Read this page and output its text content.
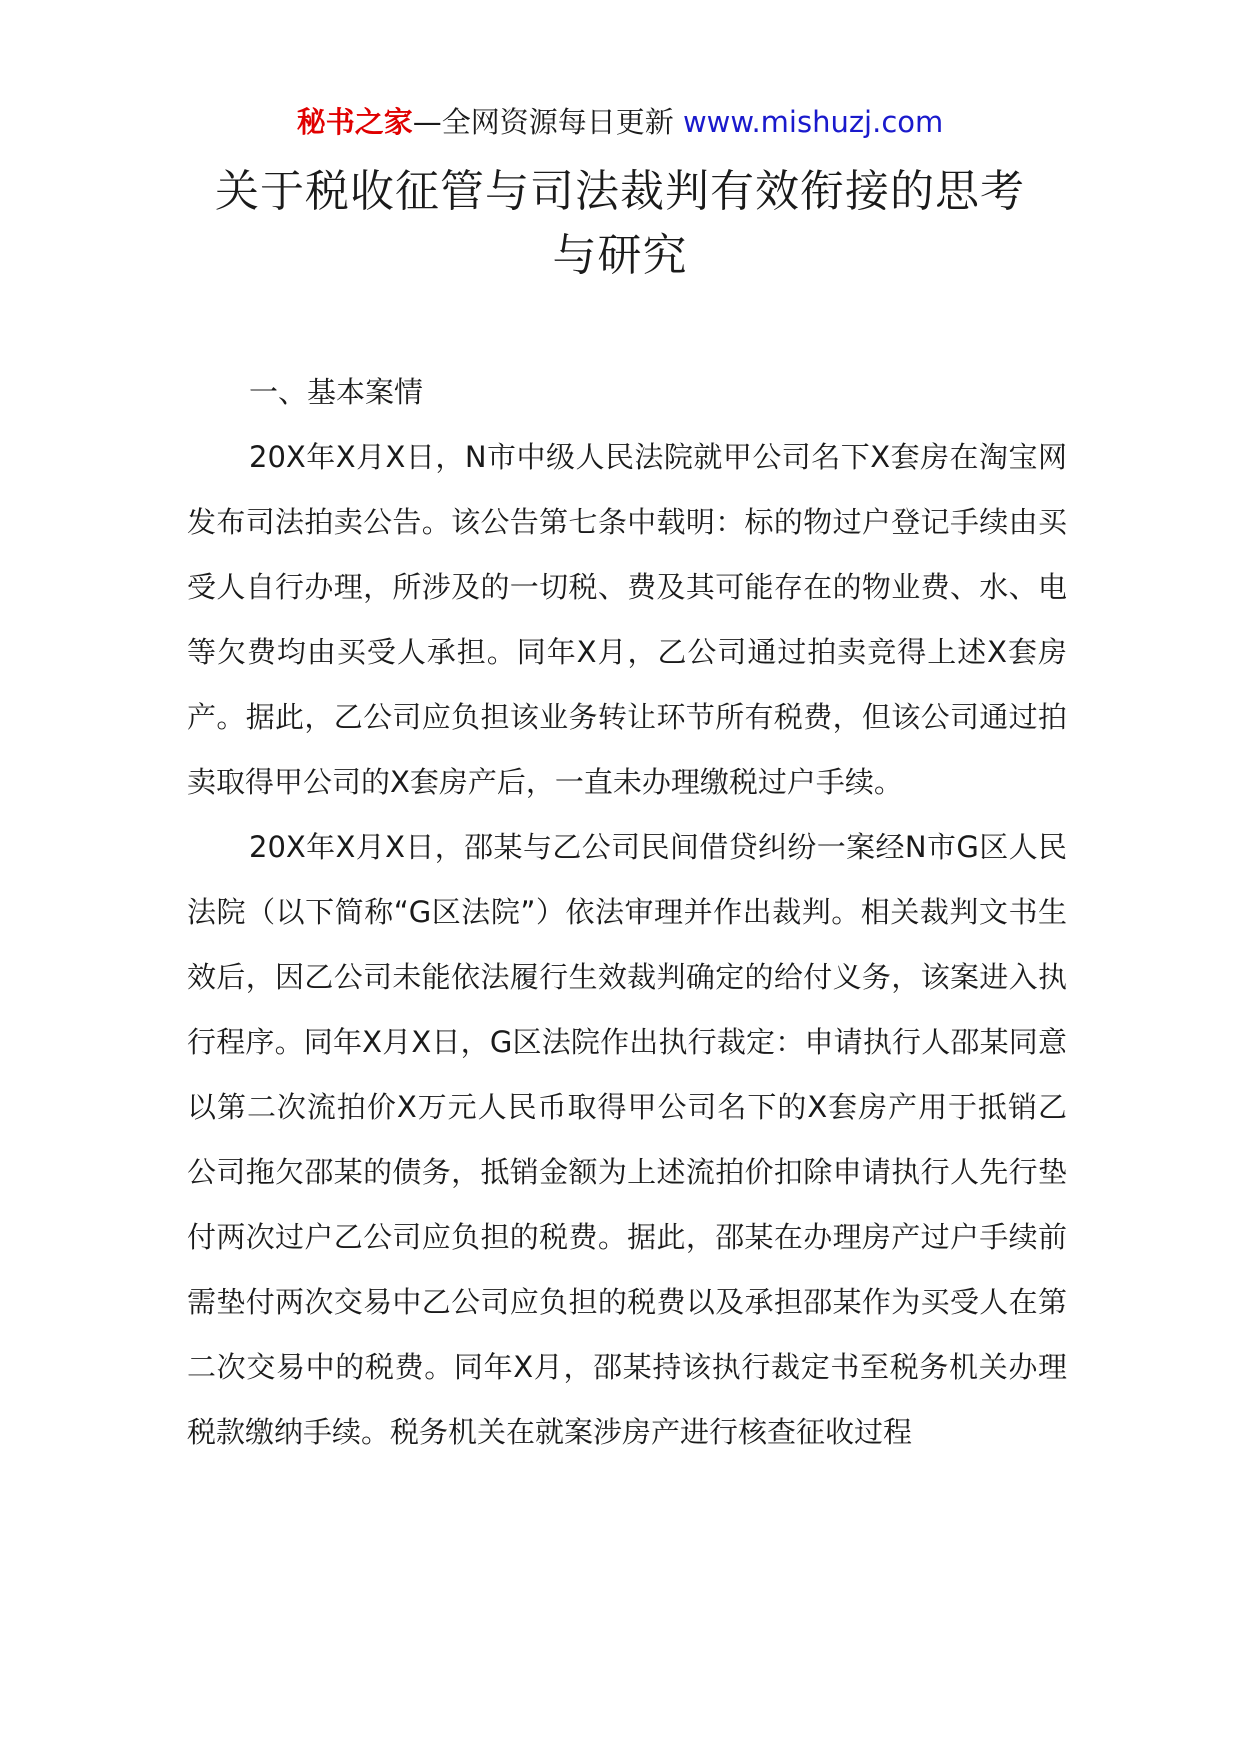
秘书之家—全网资源每日更新 www.mishuzj.com
关于税收征管与司法裁判有效衔接的思考
与研究

一、基本案情

20X年X月X日，N市中级人民法院就甲公司名下X套房在淘宝网发布司法拍卖公告。该公告第七条中载明：标的物过户登记手续由买受人自行办理，所涉及的一切税、费及其可能存在的物业费、水、电等欠费均由买受人承担。同年X月，乙公司通过拍卖竞得上述X套房产。据此，乙公司应负担该业务转让环节所有税费，但该公司通过拍卖取得甲公司的X套房产后，一直未办理缴税过户手续。

20X年X月X日，邵某与乙公司民间借贷纠纷一案经N市G区人民法院（以下简称“G区法院”）依法审理并作出裁判。相关裁判文书生效后，因乙公司未能依法履行生效裁判确定的给付义务，该案进入执行程序。同年X月X日，G区法院作出执行裁定：申请执行人邵某同意以第二次流拍价X万元人民币取得甲公司名下的X套房产用于抵销乙公司拖欠邵某的债务，抵销金额为上述流拍价扣除申请执行人先行垫付两次过户乙公司应负担的税费。据此，邵某在办理房产过户手续前需垫付两次交易中乙公司应负担的税费以及承担邵某作为买受人在第二次交易中的税费。同年X月，邵某持该执行裁定书至税务机关办理税款缴纳手续。税务机关在就案涉房产进行核查征收过程
